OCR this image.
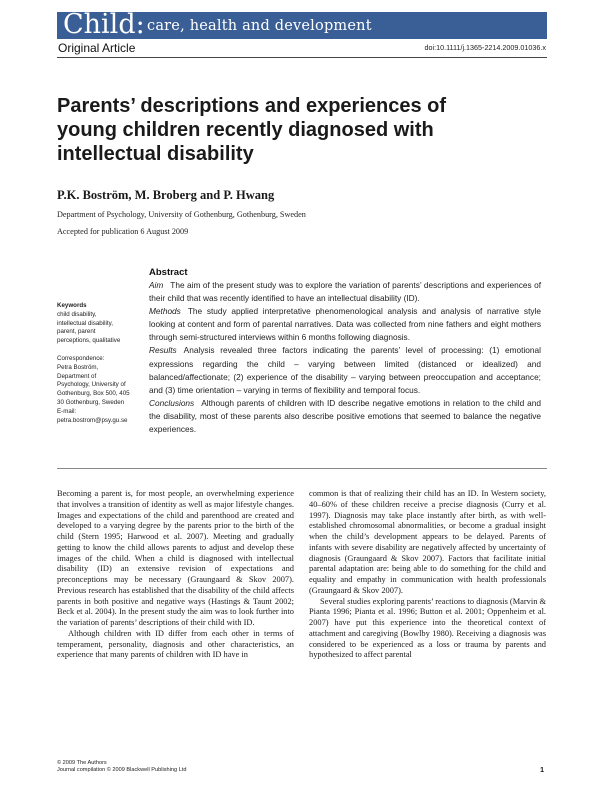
Child: care, health and development
Original Article	doi:10.1111/j.1365-2214.2009.01036.x
Parents’ descriptions and experiences of young children recently diagnosed with intellectual disability
P.K. Boström, M. Broberg and P. Hwang
Department of Psychology, University of Gothenburg, Gothenburg, Sweden
Accepted for publication 6 August 2009
Keywords
child disability,
intellectual disability,
parent, parent
perceptions, qualitative
Correspondence:
Petra Boström,
Department of
Psychology, University of
Gothenburg, Box 500, 405
30 Gothenburg, Sweden
E-mail:
petra.bostrom@psy.gu.se
Abstract

Aim The aim of the present study was to explore the variation of parents’ descriptions and experiences of their child that was recently identified to have an intellectual disability (ID).

Methods The study applied interpretative phenomenological analysis and analysis of narrative style looking at content and form of parental narratives. Data was collected from nine fathers and eight mothers through semi-structured interviews within 6 months following diagnosis.

Results Analysis revealed three factors indicating the parents’ level of processing: (1) emotional expressions regarding the child – varying between limited (distanced or idealized) and balanced/affectionate; (2) experience of the disability – varying between preoccupation and acceptance; and (3) time orientation – varying in terms of flexibility and temporal focus.

Conclusions Although parents of children with ID describe negative emotions in relation to the child and the disability, most of these parents also describe positive emotions that seemed to balance the negative experiences.

Becoming a parent is, for most people, an overwhelming experience that involves a transition of identity as well as major lifestyle changes. Images and expectations of the child and parenthood are created and developed to a varying degree by the parents prior to the birth of the child (Stern 1995; Harwood et al. 2007). Meeting and gradually getting to know the child allows parents to adjust and develop these images of the child. When a child is diagnosed with intellectual disability (ID) an extensive revision of expectations and preconceptions may be necessary (Graungaard & Skov 2007). Previous research has established that the disability of the child affects parents in both positive and negative ways (Hastings & Taunt 2002; Beck et al. 2004). In the present study the aim was to look further into the variation of parents’ descriptions of their child with ID.

Although children with ID differ from each other in terms of temperament, personality, diagnosis and other characteristics, an experience that many parents of children with ID have in

common is that of realizing their child has an ID. In Western society, 40–60% of these children receive a precise diagnosis (Curry et al. 1997). Diagnosis may take place instantly after birth, as with well-established chromosomal abnormalities, or become a gradual insight when the child’s development appears to be delayed. Parents of infants with severe disability are negatively affected by uncertainty of diagnosis (Graungaard & Skov 2007). Factors that facilitate initial parental adaptation are: being able to do something for the child and equality and empathy in communication with health professionals (Graungaard & Skov 2007).

Several studies exploring parents’ reactions to diagnosis (Marvin & Pianta 1996; Pianta et al. 1996; Button et al. 2001; Oppenheim et al. 2007) have put this experience into the theoretical context of attachment and caregiving (Bowlby 1980). Receiving a diagnosis was considered to be experienced as a loss or trauma by parents and hypothesized to affect parental

© 2009 The Authors
Journal compilation © 2009 Blackwell Publishing Ltd	1
